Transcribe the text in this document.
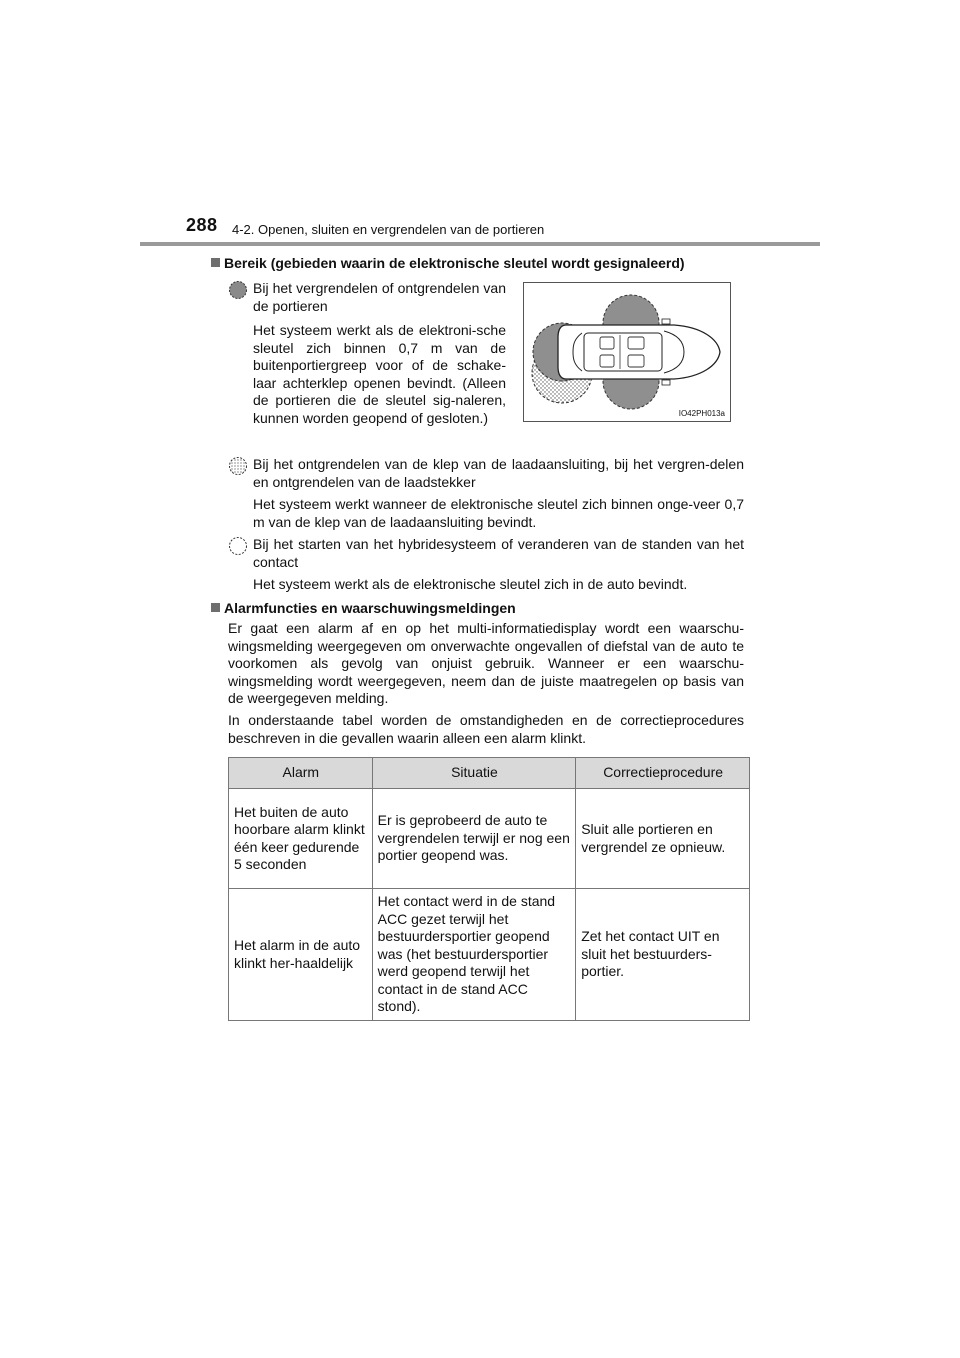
288 4-2. Openen, sluiten en vergrendelen van de portieren
Bereik (gebieden waarin de elektronische sleutel wordt gesignaleerd)
Bij het vergrendelen of ontgrendelen van de portieren
Het systeem werkt als de elektroni-sche sleutel zich binnen 0,7 m van de buitenportiergreep voor of de schake-laar achterklep openen bevindt. (Alleen de portieren die de sleutel sig-naleren, kunnen worden geopend of gesloten.)	IO42PH013a
Bij het ontgrendelen van de klep van de laadaansluiting, bij het vergren-delen en ontgrendelen van de laadstekker
Het systeem werkt wanneer de elektronische sleutel zich binnen onge-veer 0,7 m van de klep van de laadaansluiting bevindt.
Bij het starten van het hybridesysteem of veranderen van de standen van het contact
Het systeem werkt als de elektronische sleutel zich in de auto bevindt.
Alarmfuncties en waarschuwingsmeldingen
Er gaat een alarm af en op het multi-informatiedisplay wordt een waarschu-wingsmelding weergegeven om onverwachte ongevallen of diefstal van de auto te voorkomen als gevolg van onjuist gebruik. Wanneer er een waarschu-wingsmelding wordt weergegeven, neem dan de juiste maatregelen op basis van de weergegeven melding.
In onderstaande tabel worden de omstandigheden en de correctieprocedures beschreven in die gevallen waarin alleen een alarm klinkt.
Alarm	Situatie	Correctieprocedure
Het buiten de auto hoorbare alarm klinkt één keer gedurende 5 seconden	Er is geprobeerd de auto te vergrendelen terwijl er nog een portier geopend was.	Sluit alle portieren en vergrendel ze opnieuw.
Het alarm in de auto klinkt her-haaldelijk	Het contact werd in de stand ACC gezet terwijl het bestuurdersportier geopend was (het bestuurdersportier werd geopend terwijl het contact in de stand ACC stond).	Zet het contact UIT en sluit het bestuurders-portier.
